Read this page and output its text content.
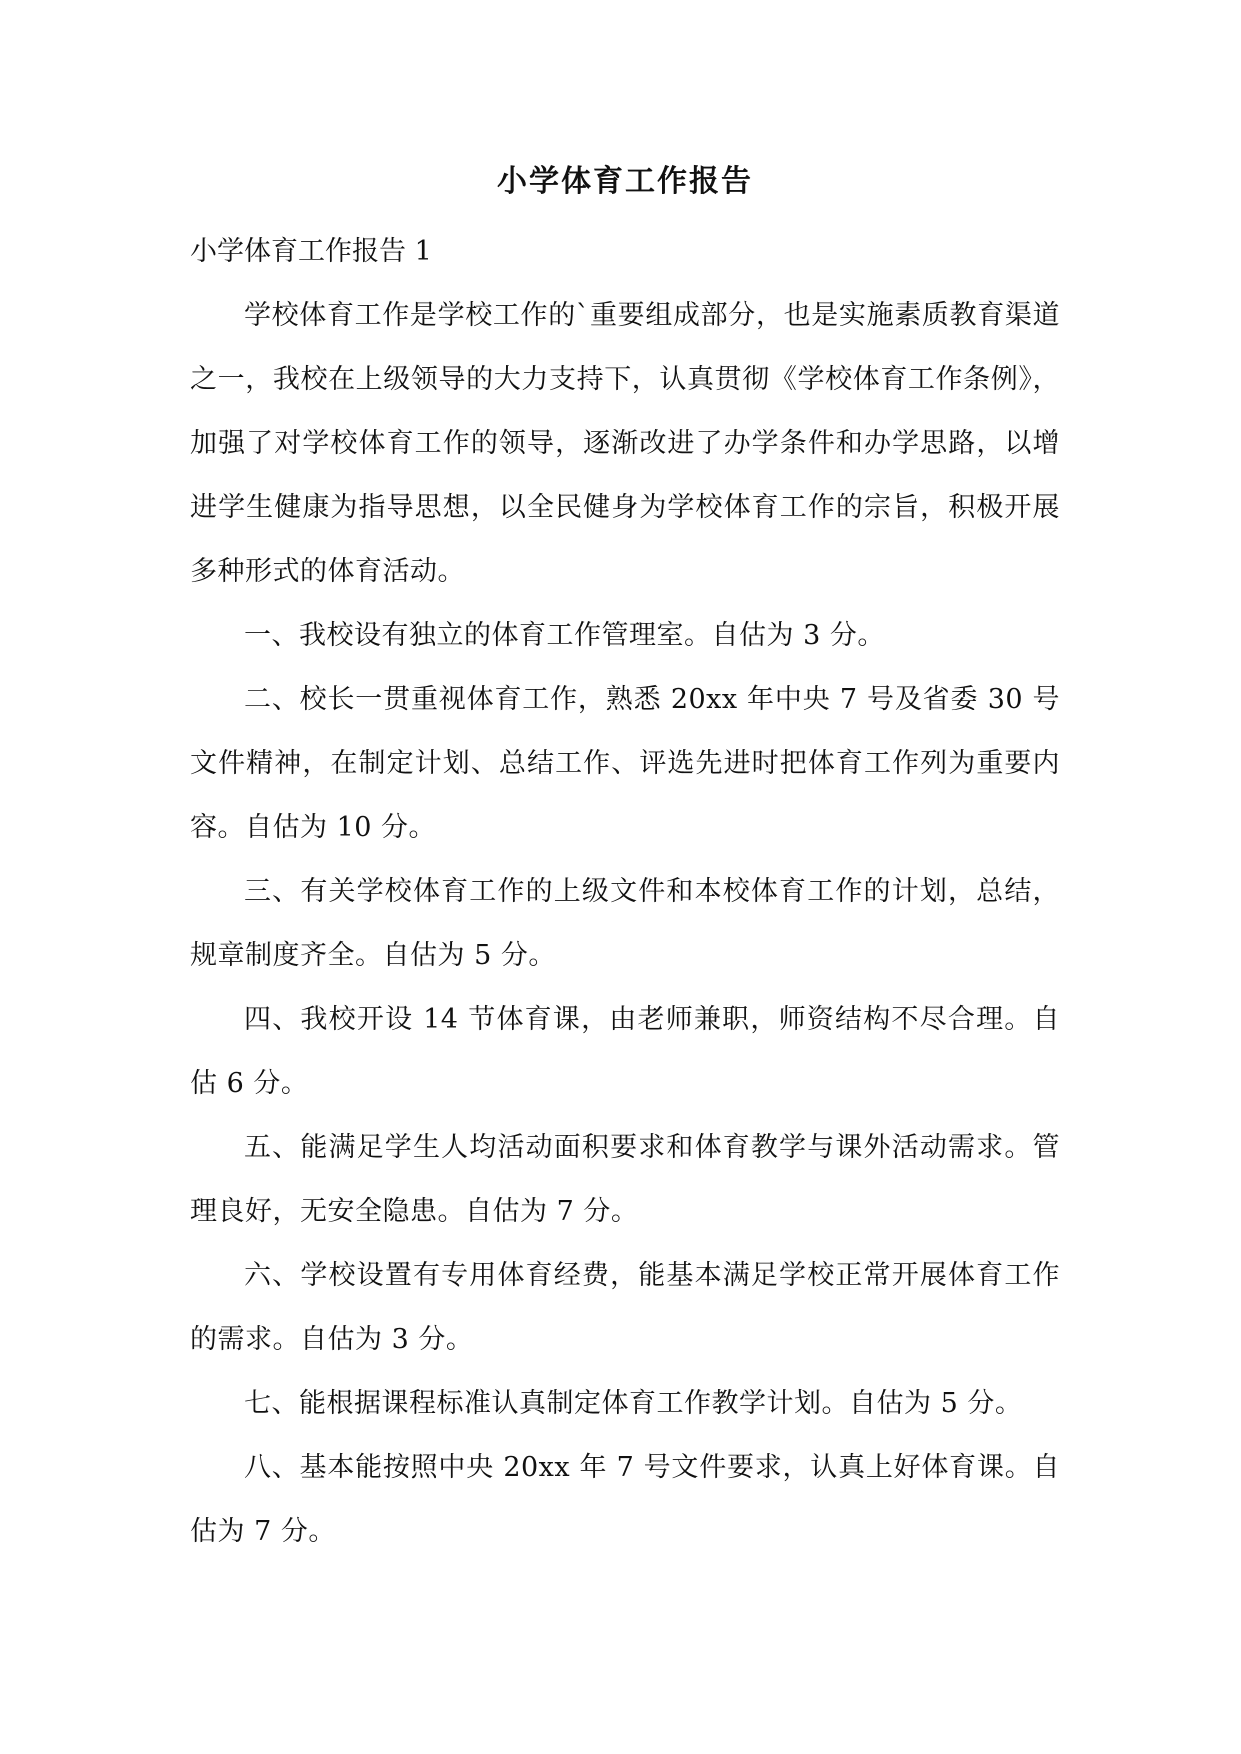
小学体育工作报告

小学体育工作报告 1

学校体育工作是学校工作的`重要组成部分，也是实施素质教育渠道之一，我校在上级领导的大力支持下，认真贯彻《学校体育工作条例》，加强了对学校体育工作的领导，逐渐改进了办学条件和办学思路，以增进学生健康为指导思想，以全民健身为学校体育工作的宗旨，积极开展多种形式的体育活动。

一、我校设有独立的体育工作管理室。自估为 3 分。

二、校长一贯重视体育工作，熟悉 20xx 年中央 7 号及省委 30 号文件精神，在制定计划、总结工作、评选先进时把体育工作列为重要内容。自估为 10 分。

三、有关学校体育工作的上级文件和本校体育工作的计划，总结，规章制度齐全。自估为 5 分。

四、我校开设 14 节体育课，由老师兼职，师资结构不尽合理。自估 6 分。

五、能满足学生人均活动面积要求和体育教学与课外活动需求。管理良好，无安全隐患。自估为 7 分。

六、学校设置有专用体育经费，能基本满足学校正常开展体育工作的需求。自估为 3 分。

七、能根据课程标准认真制定体育工作教学计划。自估为 5 分。

八、基本能按照中央 20xx 年 7 号文件要求，认真上好体育课。自估为 7 分。
